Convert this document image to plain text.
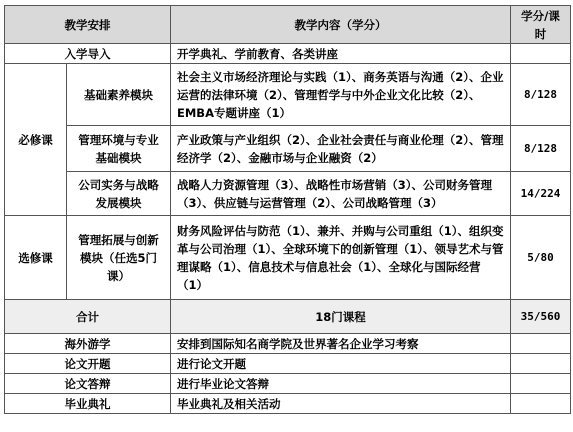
教学安排		教学内容（学分）	学分/课时
入学导入		开学典礼、学前教育、各类讲座	
必修课	基础素养模块	社会主义市场经济理论与实践（1）、商务英语与沟通（2）、企业运营的法律环境（2）、管理哲学与中外企业文化比较（2）、EMBA专题讲座（1）	8/128
	管理环境与专业基础模块	产业政策与产业组织（2）、企业社会责任与商业伦理（2）、管理经济学（2）、金融市场与企业融资（2）	8/128
	公司实务与战略发展模块	战略人力资源管理（3）、战略性市场营销（3）、公司财务管理（3）、供应链与运营管理（2）、公司战略管理（3）	14/224
选修课	管理拓展与创新模块（任选5门课）	财务风险评估与防范（1）、兼并、并购与公司重组（1）、组织变革与公司治理（1）、全球环境下的创新管理（1）、领导艺术与管理谋略（1）、信息技术与信息社会（1）、全球化与国际经营（1）	5/80
合计		18门课程	35/560
海外游学		安排到国际知名商学院及世界著名企业学习考察	
论文开题		进行论文开题	
论文答辩		进行毕业论文答辩	
毕业典礼		毕业典礼及相关活动	
